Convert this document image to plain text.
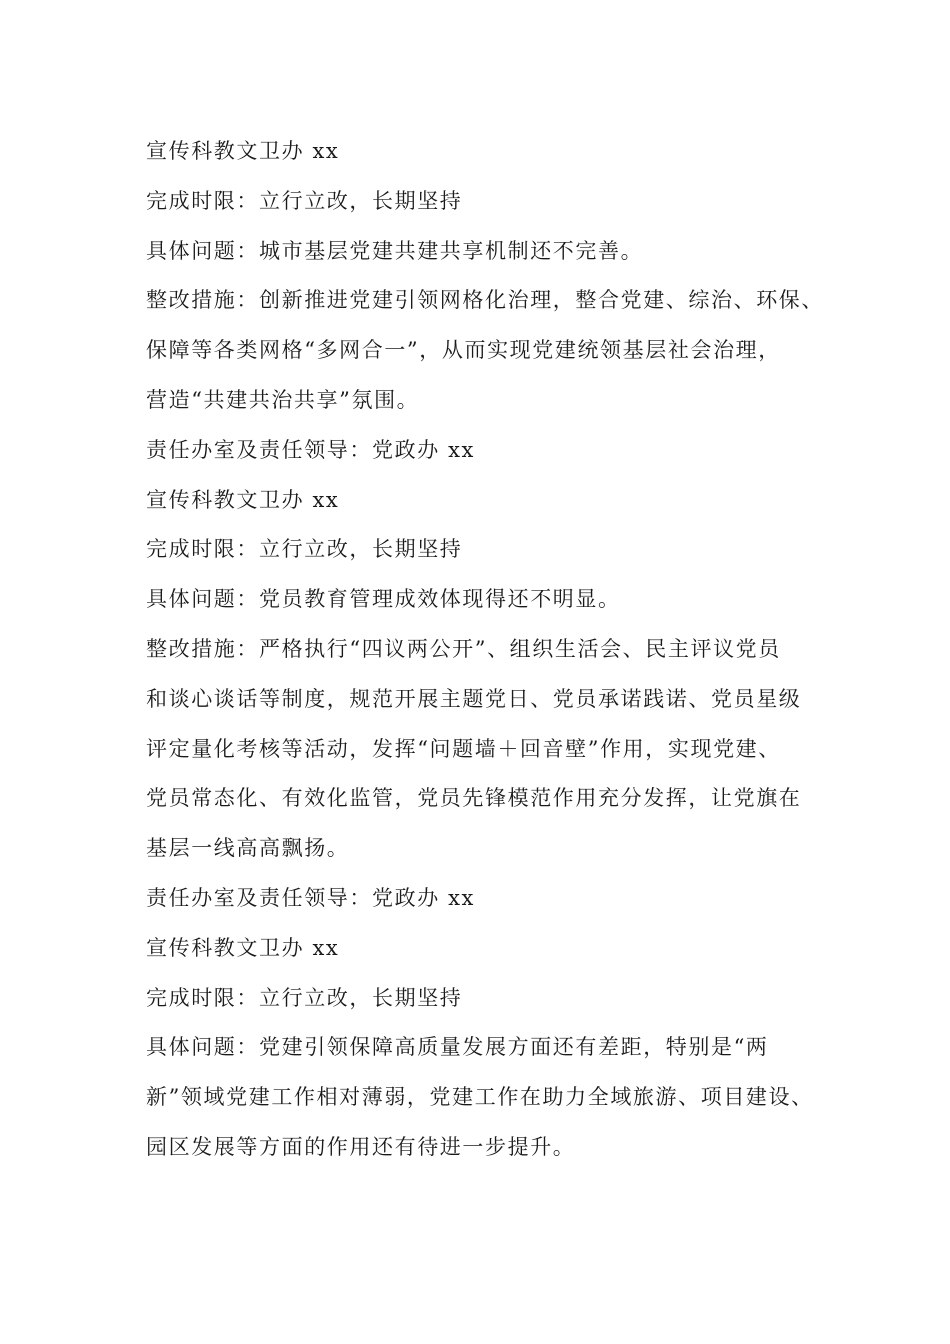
宣传科教文卫办 xx
完成时限：立行立改，长期坚持
具体问题：城市基层党建共建共享机制还不完善。
整改措施：创新推进党建引领网格化治理，整合党建、综治、环保、
保障等各类网格“多网合一”，从而实现党建统领基层社会治理，
营造“共建共治共享”氛围。
责任办室及责任领导：党政办 xx
宣传科教文卫办 xx
完成时限：立行立改，长期坚持
具体问题：党员教育管理成效体现得还不明显。
整改措施：严格执行“四议两公开”、组织生活会、民主评议党员
和谈心谈话等制度，规范开展主题党日、党员承诺践诺、党员星级
评定量化考核等活动，发挥“问题墙＋回音壁”作用，实现党建、
党员常态化、有效化监管，党员先锋模范作用充分发挥，让党旗在
基层一线高高飘扬。
责任办室及责任领导：党政办 xx
宣传科教文卫办 xx
完成时限：立行立改，长期坚持
具体问题：党建引领保障高质量发展方面还有差距，特别是“两
新”领域党建工作相对薄弱，党建工作在助力全域旅游、项目建设、
园区发展等方面的作用还有待进一步提升。
